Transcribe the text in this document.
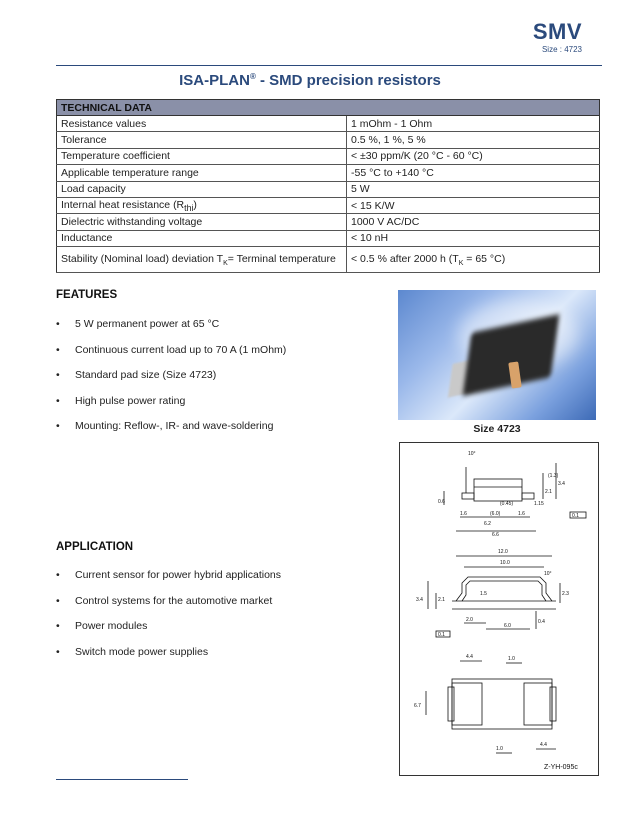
SMV
Size : 4723
ISA-PLAN® - SMD precision resistors
TECHNICAL DATA	
Resistance values	1 mOhm - 1 Ohm
Tolerance	0.5 %, 1 %, 5 %
Temperature coefficient	< ±30 ppm/K (20 °C - 60 °C)
Applicable temperature range	-55 °C to +140 °C
Load capacity	5 W
Internal heat resistance $(R_{thi})$	< 15 K/W
Dielectric withstanding voltage	1000 V AC/DC
Inductance	< 10 nH
Stability (Nominal load) deviation $T_K=$ Terminal temperature	< 0.5 % after 2000 h ($T_K = 65$ °C)
FEATURES
• 5 W permanent power at 65 °C
• Continuous current load up to 70 A (1 mOhm)
• Standard pad size (Size 4723)
• High pulse power rating
• Mounting: Reflow-, IR- and wave-soldering
APPLICATION
• Current sensor for power hybrid applications
• Control systems for the automotive market
• Power modules
• Switch mode power supplies
Size 4723
10°
(1.3)
2.1
3.4
0.6	(0.45)	1.15
1.6	(6.0)	1.6
6.2
6.6
0.1
12.0
10.0
10°
3.4	2.1
1.5	2.3
2.0
6.0
0.4
0.1
4.4	1.0
6.7
1.0
4.4
Z-YH-095c
